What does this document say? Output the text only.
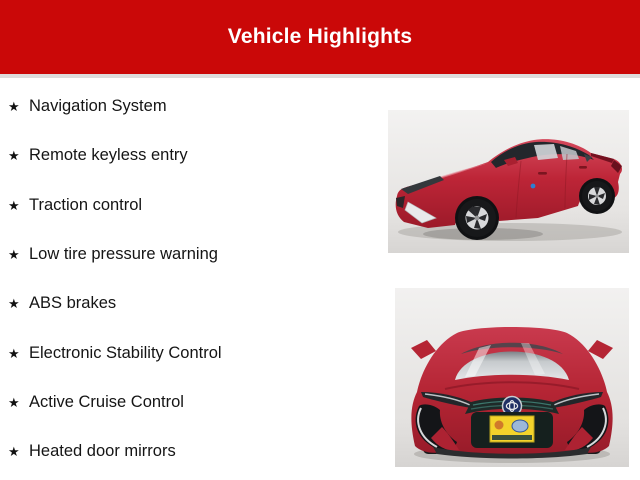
Vehicle Highlights
★ Navigation System
★ Remote keyless entry
★ Traction control
★ Low tire pressure warning
★ ABS brakes
★ Electronic Stability Control
★ Active Cruise Control
★ Heated door mirrors
